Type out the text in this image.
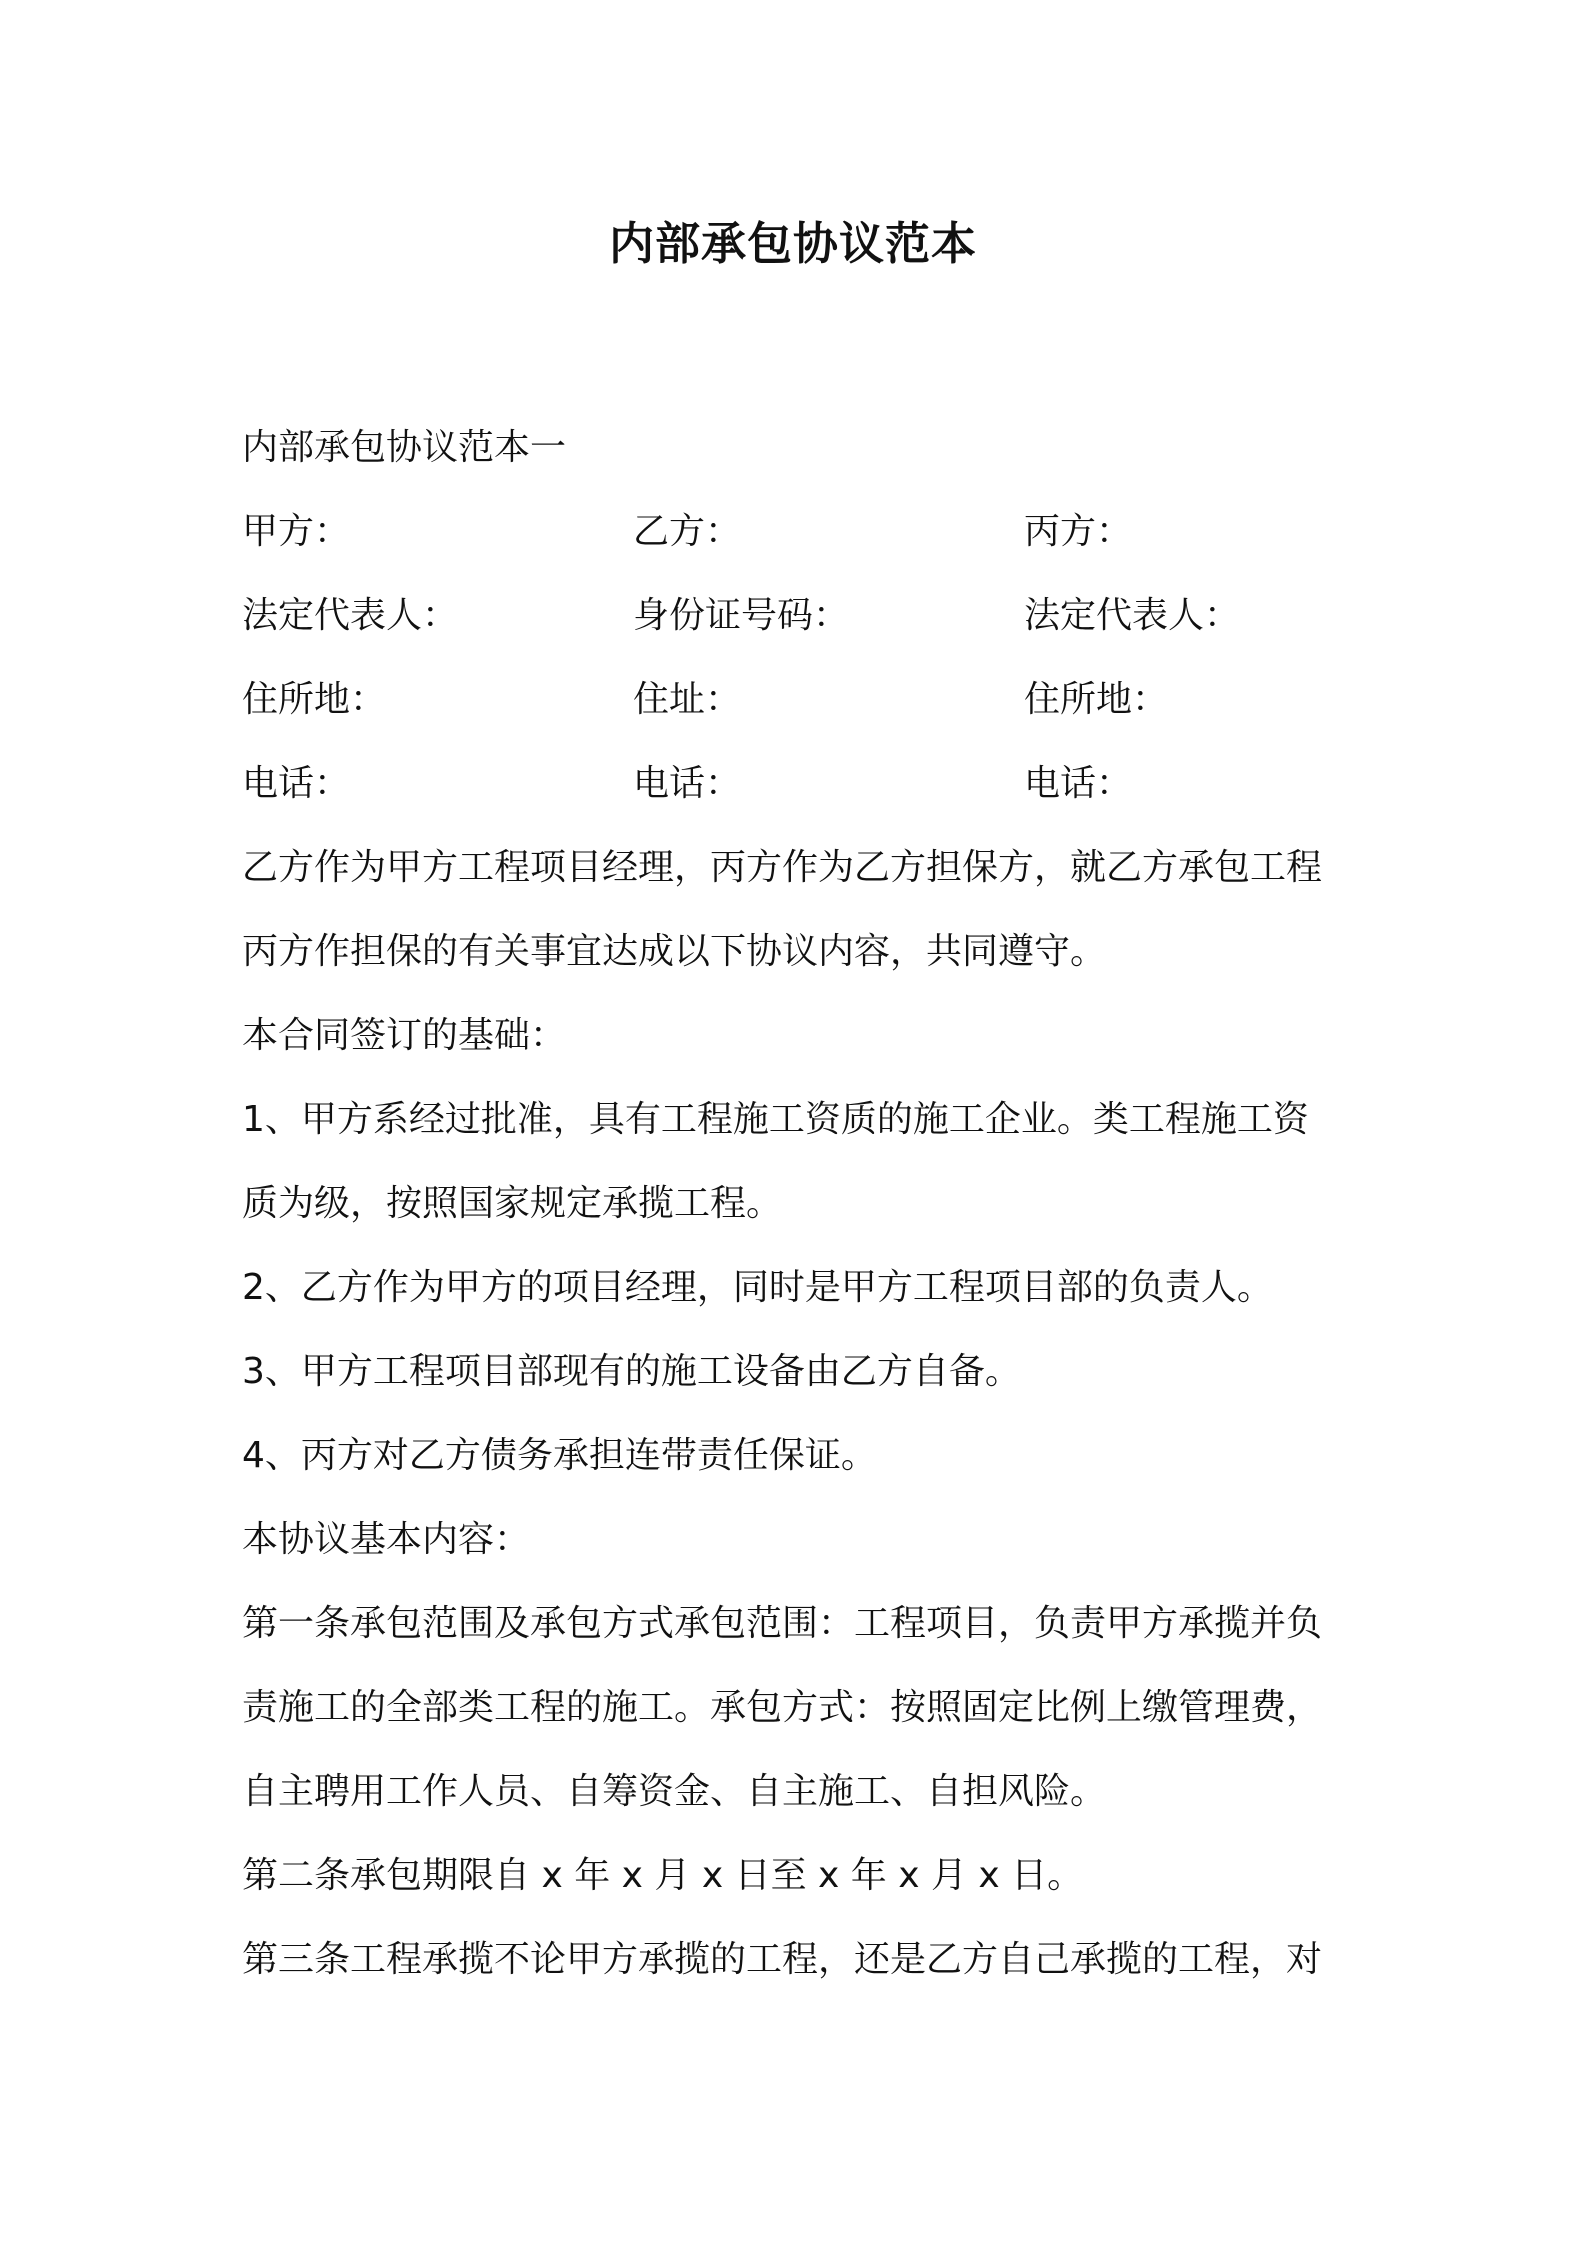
内部承包协议范本
内部承包协议范本一
甲方：	乙方：	丙方：
法定代表人：	身份证号码：	法定代表人：
住所地：	住址：	住所地：
电话：	电话：	电话：
乙方作为甲方工程项目经理，丙方作为乙方担保方，就乙方承包工程
丙方作担保的有关事宜达成以下协议内容，共同遵守。
本合同签订的基础：
1、甲方系经过批准，具有工程施工资质的施工企业。类工程施工资
质为级，按照国家规定承揽工程。
2、乙方作为甲方的项目经理，同时是甲方工程项目部的负责人。
3、甲方工程项目部现有的施工设备由乙方自备。
4、丙方对乙方债务承担连带责任保证。
本协议基本内容：
第一条承包范围及承包方式承包范围：工程项目，负责甲方承揽并负
责施工的全部类工程的施工。承包方式：按照固定比例上缴管理费，
自主聘用工作人员、自筹资金、自主施工、自担风险。
第二条承包期限自 x 年 x 月 x 日至 x 年 x 月 x 日。
第三条工程承揽不论甲方承揽的工程，还是乙方自己承揽的工程，对
